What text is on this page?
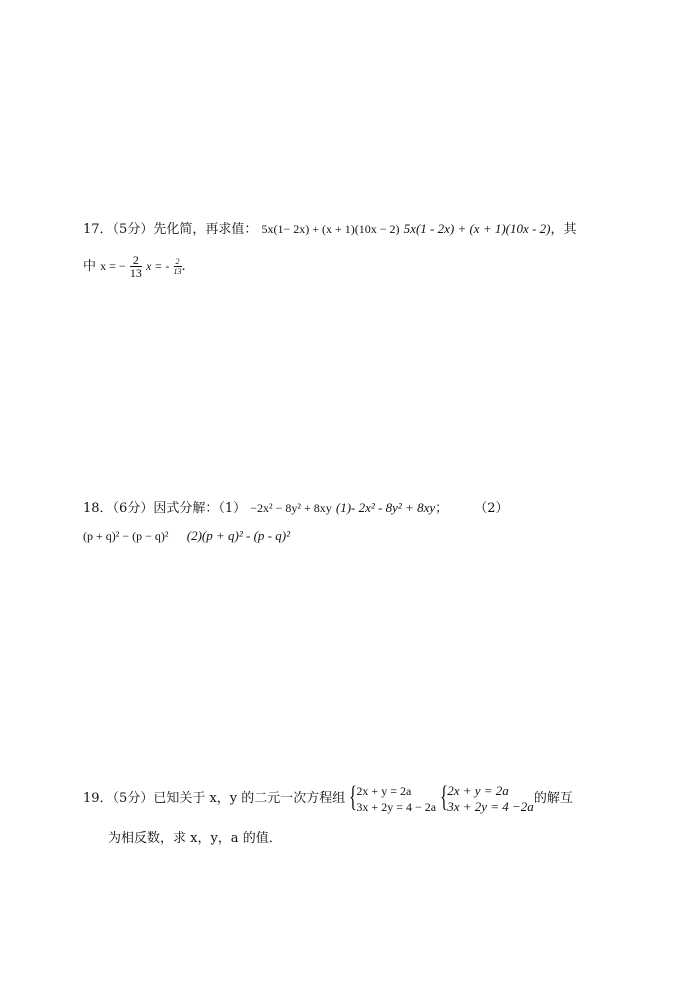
17．（5分）先化简，再求值： 5x(1− 2x) + (x + 1)(10x − 2) 5x(1 - 2x) + (x + 1)(10x - 2)，其
中 x = − $\frac{2}{13}$ x = - $\frac{2}{13}$ .
18．（6分）因式分解：（1） −2x² − 8y² + 8xy (1)- 2x² - 8y² + 8xy； （2）
(p + q)² − (p − q)² (2)(p + q)² - (p - q)²
19．（5分）已知关于 x，y 的二元一次方程组 { 2x + y = 2a
3x + 2y = 4 − 2a
{ 2x + y = 2a
3x + 2y = 4 −2a 的解互
为相反数，求 x，y，a 的值．
